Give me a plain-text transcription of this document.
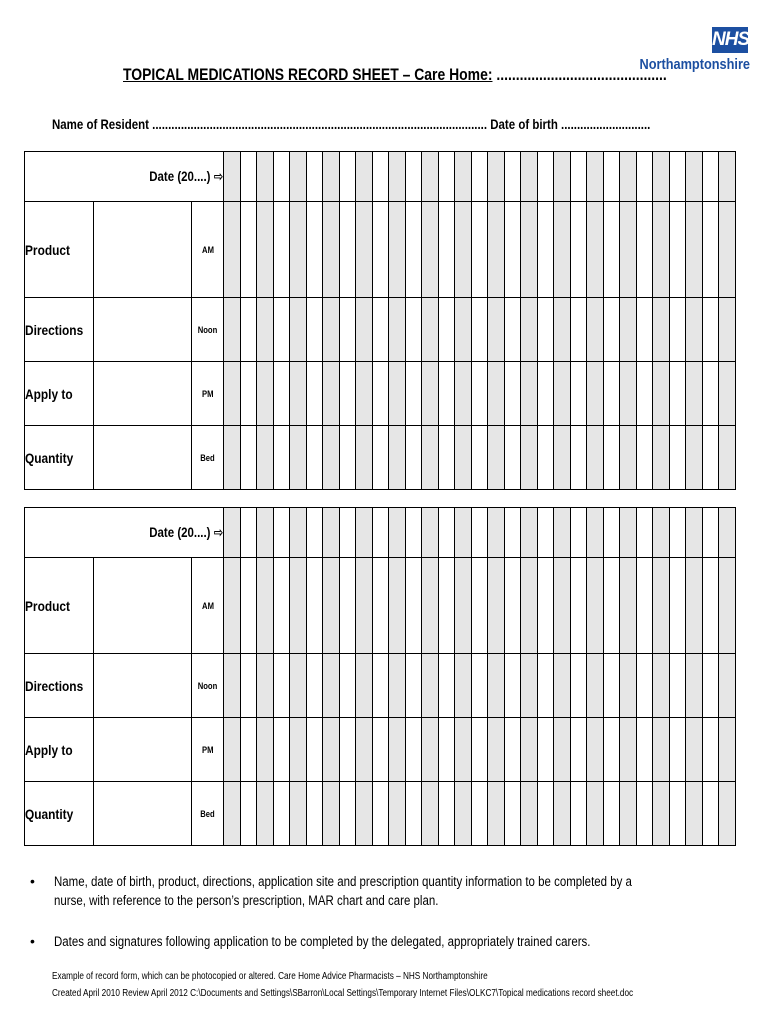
NHS
Northamptonshire
TOPICAL MEDICATIONS RECORD SHEET – Care Home: ............................................
Name of Resident ......................................................................................................... Date of birth ............................
Date (20....) ⇨																																	
Product		AM																															
Directions		Noon																															
Apply to		PM																															
Quantity		Bed																															
Date (20....) ⇨																																	
Product		AM																															
Directions		Noon																															
Apply to		PM																															
Quantity		Bed																															
• Name, date of birth, product, directions, application site and prescription quantity information to be completed by a nurse, with reference to the person’s prescription, MAR chart and care plan.
• Dates and signatures following application to be completed by the delegated, appropriately trained carers.
Example of record form, which can be photocopied or altered. Care Home Advice Pharmacists – NHS Northamptonshire
Created April 2010 Review April 2012 C:\Documents and Settings\SBarron\Local Settings\Temporary Internet Files\OLKC7\Topical medications record sheet.doc
